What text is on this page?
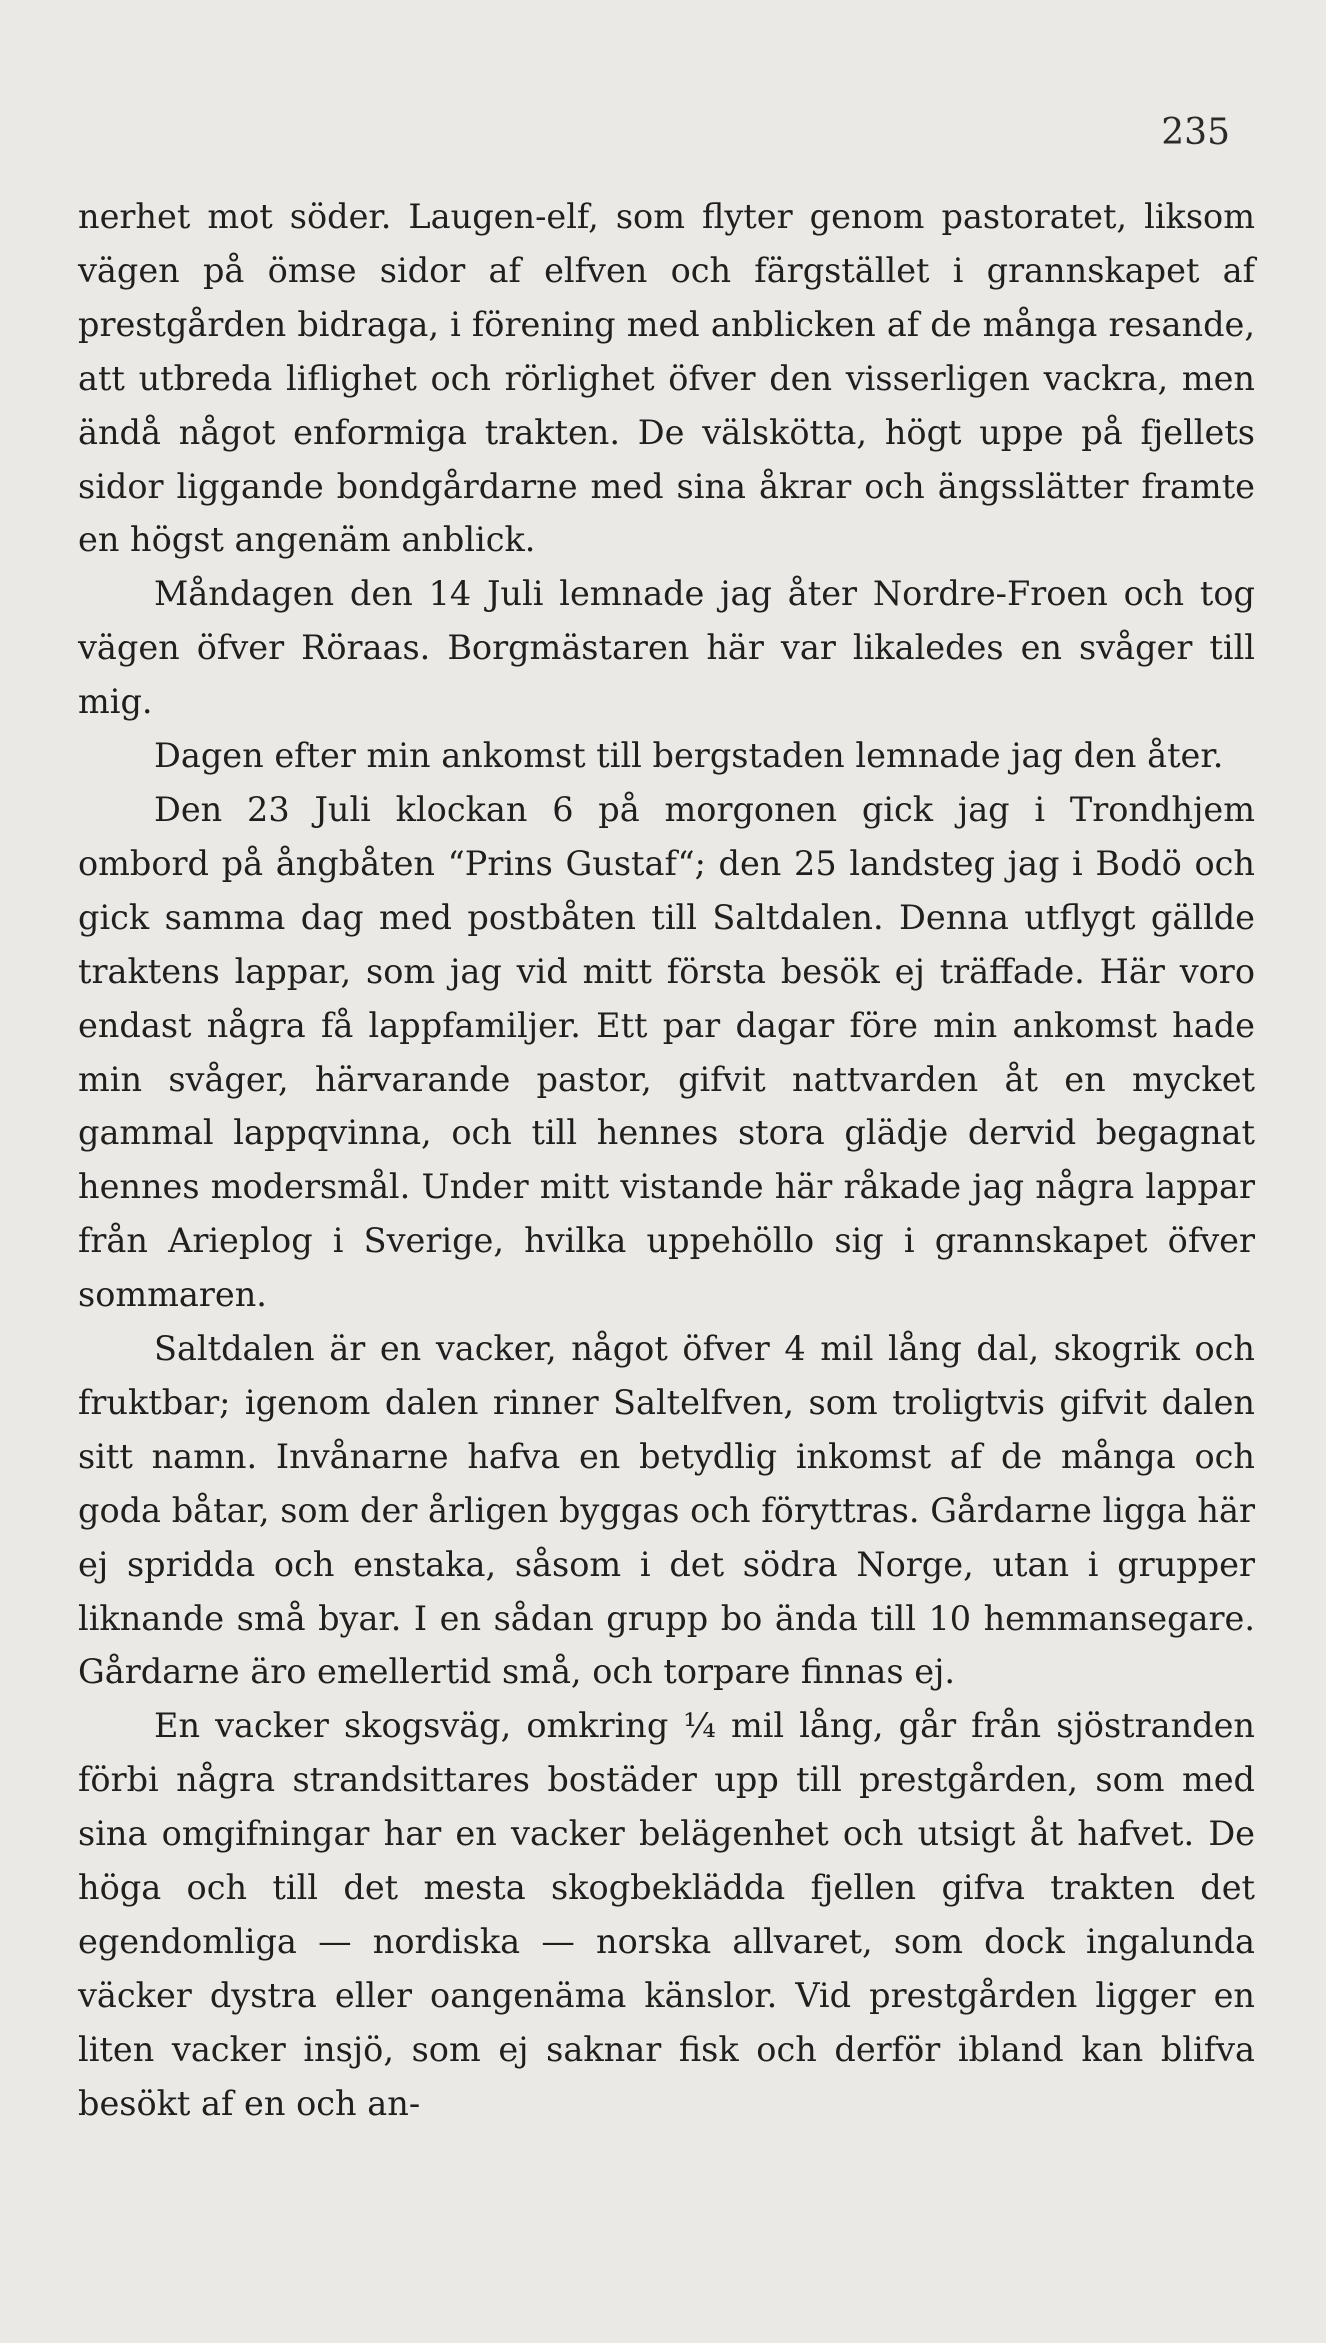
235

nerhet mot söder. Laugen-elf, som flyter genom pastoratet, liksom vägen på ömse sidor af elfven och färgstället i grannskapet af prestgården bidraga, i förening med anblicken af de många resande, att utbreda liflighet och rörlighet öfver den visserligen vackra, men ändå något enformiga trakten. De välskötta, högt uppe på fjellets sidor liggande bondgårdarne med sina åkrar och ängsslätter framte en högst angenäm anblick.

Måndagen den 14 Juli lemnade jag åter Nordre-Froen och tog vägen öfver Röraas. Borgmästaren här var likaledes en svåger till mig.

Dagen efter min ankomst till bergstaden lemnade jag den åter.

Den 23 Juli klockan 6 på morgonen gick jag i Trondhjem ombord på ångbåten “Prins Gustaf“; den 25 landsteg jag i Bodö och gick samma dag med postbåten till Saltdalen. Denna utflygt gällde traktens lappar, som jag vid mitt första besök ej träffade. Här voro endast några få lappfamiljer. Ett par dagar före min ankomst hade min svåger, härvarande pastor, gifvit nattvarden åt en mycket gammal lappqvinna, och till hennes stora glädje dervid begagnat hennes modersmål. Under mitt vistande här råkade jag några lappar från Arieplog i Sverige, hvilka uppehöllo sig i grannskapet öfver sommaren.

Saltdalen är en vacker, något öfver 4 mil lång dal, skogrik och fruktbar; igenom dalen rinner Saltelfven, som troligtvis gifvit dalen sitt namn. Invånarne hafva en betydlig inkomst af de många och goda båtar, som der årligen byggas och föryttras. Gårdarne ligga här ej spridda och enstaka, såsom i det södra Norge, utan i grupper liknande små byar. I en sådan grupp bo ända till 10 hemmansegare. Gårdarne äro emellertid små, och torpare finnas ej.

En vacker skogsväg, omkring ¼ mil lång, går från sjöstranden förbi några strandsittares bostäder upp till prestgården, som med sina omgifningar har en vacker belägenhet och utsigt åt hafvet. De höga och till det mesta skogbeklädda fjellen gifva trakten det egendomliga — nordiska — norska allvaret, som dock ingalunda väcker dystra eller oangenäma känslor. Vid prestgården ligger en liten vacker insjö, som ej saknar fisk och derför ibland kan blifva besökt af en och an-
